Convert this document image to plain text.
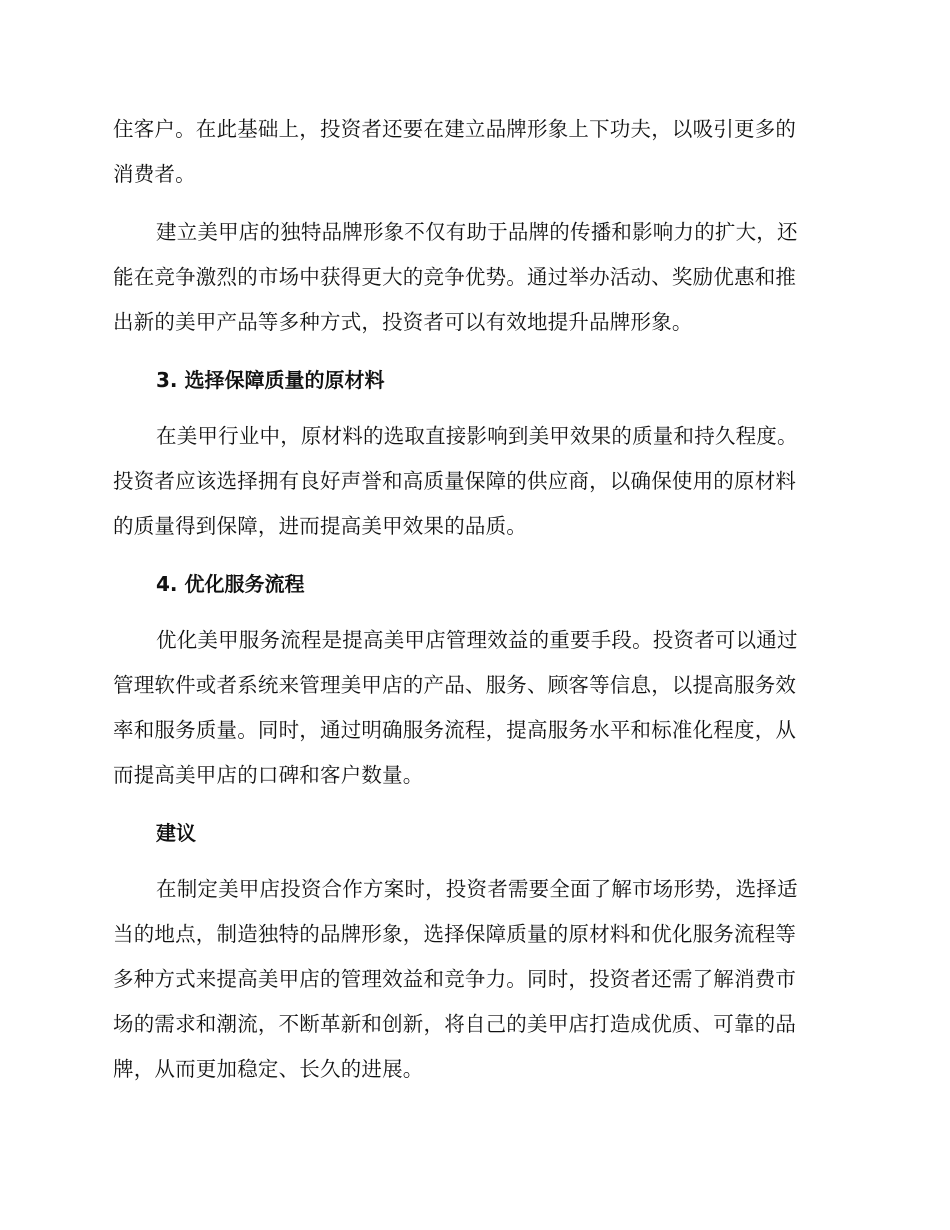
住客户。在此基础上，投资者还要在建立品牌形象上下功夫，以吸引更多的
消费者。
建立美甲店的独特品牌形象不仅有助于品牌的传播和影响力的扩大，还
能在竞争激烈的市场中获得更大的竞争优势。通过举办活动、奖励优惠和推
出新的美甲产品等多种方式，投资者可以有效地提升品牌形象。
3. 选择保障质量的原材料
在美甲行业中，原材料的选取直接影响到美甲效果的质量和持久程度。
投资者应该选择拥有良好声誉和高质量保障的供应商，以确保使用的原材料
的质量得到保障，进而提高美甲效果的品质。
4. 优化服务流程
优化美甲服务流程是提高美甲店管理效益的重要手段。投资者可以通过
管理软件或者系统来管理美甲店的产品、服务、顾客等信息，以提高服务效
率和服务质量。同时，通过明确服务流程，提高服务水平和标准化程度，从
而提高美甲店的口碑和客户数量。
建议
在制定美甲店投资合作方案时，投资者需要全面了解市场形势，选择适
当的地点，制造独特的品牌形象，选择保障质量的原材料和优化服务流程等
多种方式来提高美甲店的管理效益和竞争力。同时，投资者还需了解消费市
场的需求和潮流，不断革新和创新，将自己的美甲店打造成优质、可靠的品
牌，从而更加稳定、长久的进展。
